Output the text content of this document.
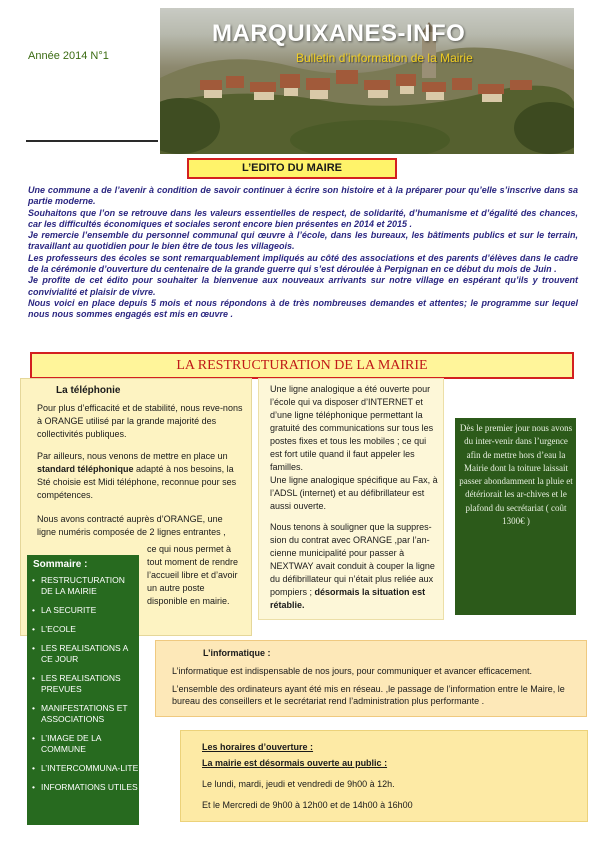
Année 2014 N°1
MARQUIXANES-INFO
Bulletin d’information de la Mairie
L’EDITO DU MAIRE

Une commune a de l’avenir à condition de savoir continuer à écrire son histoire et à la préparer pour qu’elle s’inscrive dans sa partie moderne.

Souhaitons que l’on se retrouve dans les valeurs essentielles de respect, de solidarité, d’humanisme et d’égalité des chances, car les difficultés économiques et sociales seront encore bien présentes en 2014 et 2015 .

Je remercie l’ensemble du personnel communal qui œuvre à l’école, dans les bureaux, les bâtiments publics et sur le terrain, travaillant au quotidien pour le bien être de tous les villageois.

Les professeurs des écoles se sont remarquablement impliqués au côté des associations et des parents d’élèves dans le cadre de la cérémonie d’ouverture du centenaire de la grande guerre qui s’est déroulée à Perpignan en ce début du mois de Juin .

Je profite de cet édito pour souhaiter la bienvenue aux nouveaux arrivants sur notre village en espérant qu’ils y trouvent convivialité et plaisir de vivre.

Nous voici en place depuis 5 mois et nous répondons à de très nombreuses demandes et attentes; le programme sur lequel nous nous sommes engagés est mis en œuvre .

LA RESTRUCTURATION DE LA MAIRIE
La téléphonie

Pour plus d’efficacité et de stabilité, nous reve-nons à ORANGE utilisé par la grande majorité des collectivités publiques.

Par ailleurs, nous venons de mettre en place un standard téléphonique adapté à nos besoins, la Sté choisie est Midi téléphone, reconnue pour ses compétences.

Nous avons contracté auprès d’ORANGE, une ligne numéris composée de 2 lignes entrantes ,

ce qui nous permet à tout moment de rendre l’accueil libre et d’avoir un autre poste disponible en mairie.

Sommaire :
• RESTRUCTURATION DE LA MAIRIE
• LA SECURITE
• L’ECOLE
• LES REALISATIONS A CE JOUR
• LES REALISATIONS PREVUES
• MANIFESTATIONS ET ASSOCIATIONS
• L’IMAGE DE LA COMMUNE
• L’INTERCOMMUNA-LITE
• INFORMATIONS UTILES

Une ligne analogique a été ouverte pour l’école qui va disposer d’INTERNET et d’une ligne téléphonique permettant la gratuité des communications sur tous les postes fixes et tous les mobiles ; ce qui est fort utile quand il faut appeler les familles.

Une ligne analogique spécifique au Fax, à l’ADSL (internet) et au défibrillateur est aussi ouverte.

Nous tenons à souligner que la suppres-sion du contrat avec ORANGE ,par l’an-cienne municipalité pour passer à NEXTWAY avait conduit à couper la ligne du défibrillateur qui n’était plus reliée aux pompiers ; désormais la situation est rétablie.

Dès le premier jour nous avons du inter-venir dans l’urgence afin de mettre hors d’eau la Mairie dont la toiture laissait passer abondamment la pluie et détériorait les ar-chives et le plafond du secrétariat ( coût 1300€ )

L’informatique :

L’informatique est indispensable de nos jours, pour communiquer et avancer efficacement.

L’ensemble des ordinateurs ayant été mis en réseau. ,le passage de l’information entre le Maire, le bureau des conseillers et le secrétariat rend l’administration plus performante .

Les horaires d’ouverture :
La mairie est désormais ouverte au public :
Le lundi, mardi, jeudi et vendredi de 9h00 à 12h.
Et le Mercredi de 9h00 à 12h00 et de 14h00 à 16h00
